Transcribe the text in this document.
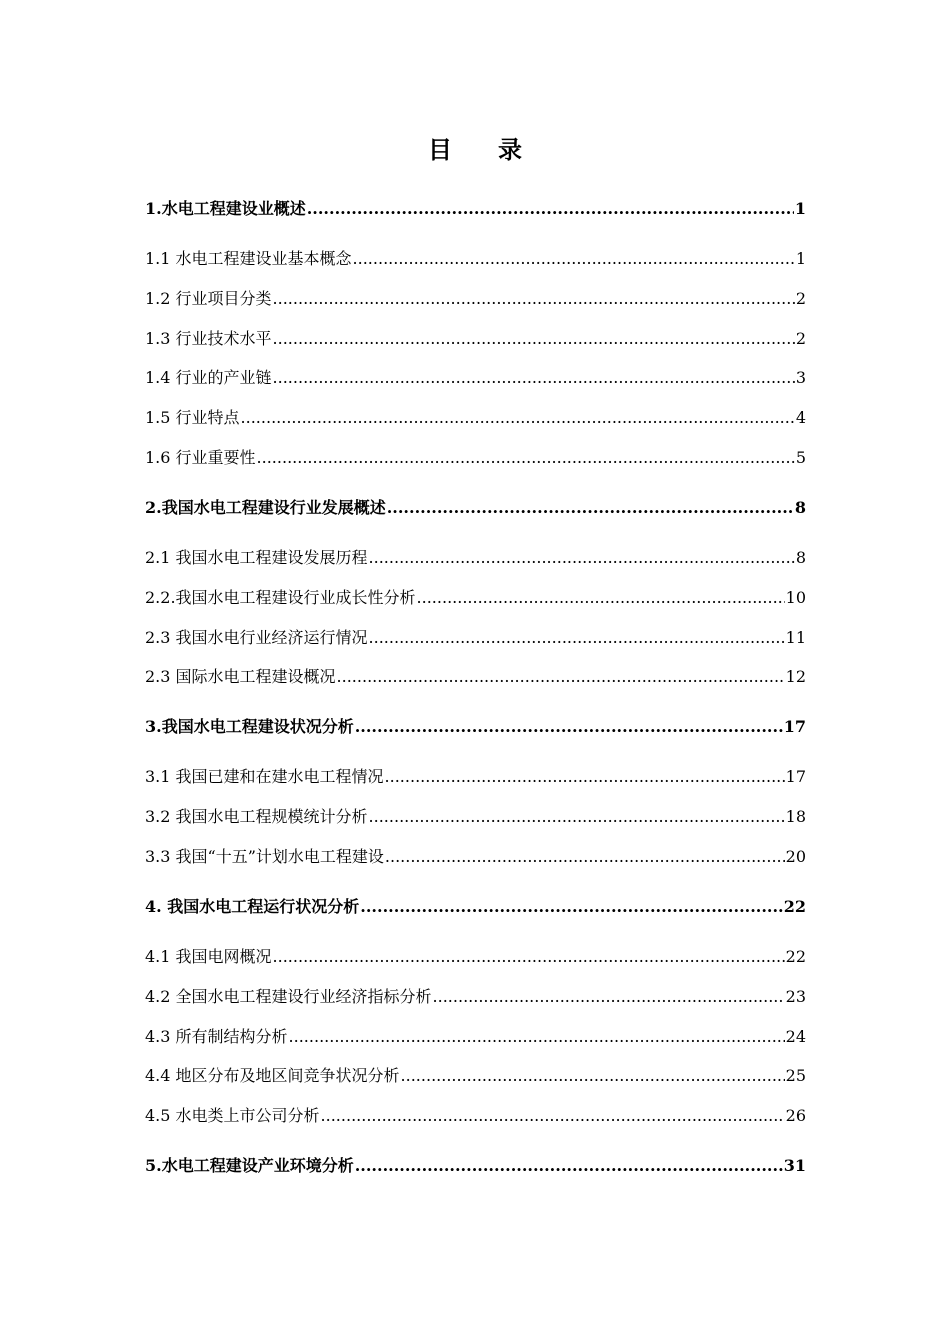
目录
1.水电工程建设业概述 .....	1
1.1 水电工程建设业基本概念 .....	1
1.2 行业项目分类 .....	2
1.3 行业技术水平 .....	2
1.4 行业的产业链 .....	3
1.5 行业特点 .....	4
1.6 行业重要性 .....	5
2.我国水电工程建设行业发展概述 .....	8
2.1 我国水电工程建设发展历程 .....	8
2.2.我国水电工程建设行业成长性分析 .....	10
2.3 我国水电行业经济运行情况 .....	11
2.3 国际水电工程建设概况 .....	12
3.我国水电工程建设状况分析 .....	17
3.1 我国已建和在建水电工程情况 .....	17
3.2 我国水电工程规模统计分析 .....	18
3.3 我国“十五”计划水电工程建设 .....	20
4. 我国水电工程运行状况分析 .....	22
4.1 我国电网概况 .....	22
4.2 全国水电工程建设行业经济指标分析 .....	23
4.3 所有制结构分析 .....	24
4.4 地区分布及地区间竞争状况分析 .....	25
4.5 水电类上市公司分析 .....	26
5.水电工程建设产业环境分析 .....	31
